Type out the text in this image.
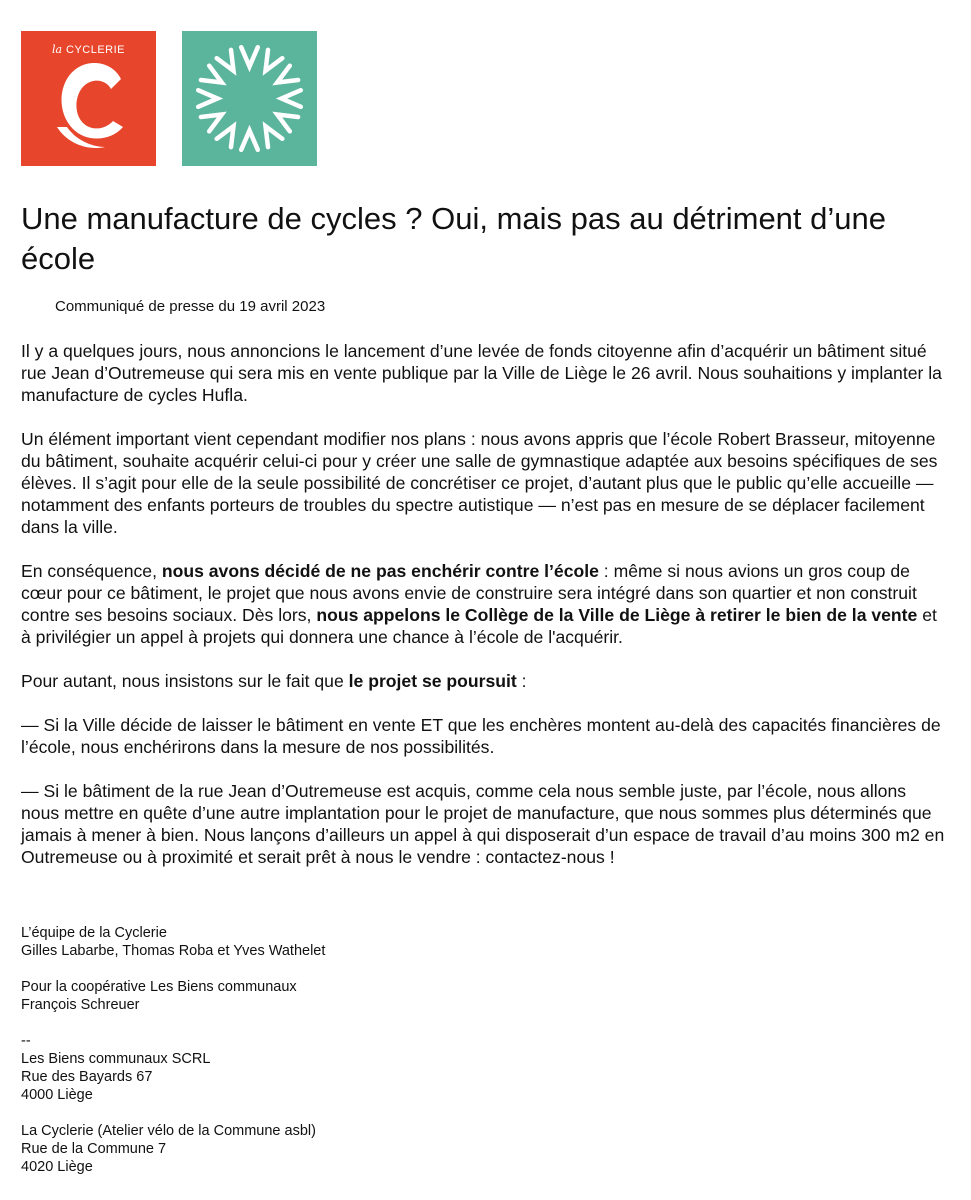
la CYCLERIE
Une manufacture de cycles ? Oui, mais pas au détriment d’une école
Communiqué de presse du 19 avril 2023

Il y a quelques jours, nous annoncions le lancement d’une levée de fonds citoyenne afin d’acquérir un bâtiment situé rue Jean d’Outremeuse qui sera mis en vente publique par la Ville de Liège le 26 avril. Nous souhaitions y implanter la manufacture de cycles Hufla.

Un élément important vient cependant modifier nos plans : nous avons appris que l’école Robert Brasseur, mitoyenne du bâtiment, souhaite acquérir celui-ci pour y créer une salle de gymnastique adaptée aux besoins spécifiques de ses élèves. Il s’agit pour elle de la seule possibilité de concrétiser ce projet, d’autant plus que le public qu’elle accueille — notamment des enfants porteurs de troubles du spectre autistique — n’est pas en mesure de se déplacer facilement dans la ville.

En conséquence, nous avons décidé de ne pas enchérir contre l’école : même si nous avions un gros coup de cœur pour ce bâtiment, le projet que nous avons envie de construire sera intégré dans son quartier et non construit contre ses besoins sociaux. Dès lors, nous appelons le Collège de la Ville de Liège à retirer le bien de la vente et à privilégier un appel à projets qui donnera une chance à l’école de l'acquérir.

Pour autant, nous insistons sur le fait que le projet se poursuit :

— Si la Ville décide de laisser le bâtiment en vente ET que les enchères montent au-delà des capacités financières de l’école, nous enchérirons dans la mesure de nos possibilités.

— Si le bâtiment de la rue Jean d’Outremeuse est acquis, comme cela nous semble juste, par l’école, nous allons nous mettre en quête d’une autre implantation pour le projet de manufacture, que nous sommes plus déterminés que jamais à mener à bien. Nous lançons d’ailleurs un appel à qui disposerait d’un espace de travail d’au moins 300 m2 en Outremeuse ou à proximité et serait prêt à nous le vendre : contactez-nous !

L’équipe de la Cyclerie
Gilles Labarbe, Thomas Roba et Yves Wathelet

Pour la coopérative Les Biens communaux
François Schreuer

--
Les Biens communaux SCRL
Rue des Bayards 67
4000 Liège

La Cyclerie (Atelier vélo de la Commune asbl)
Rue de la Commune 7
4020 Liège
